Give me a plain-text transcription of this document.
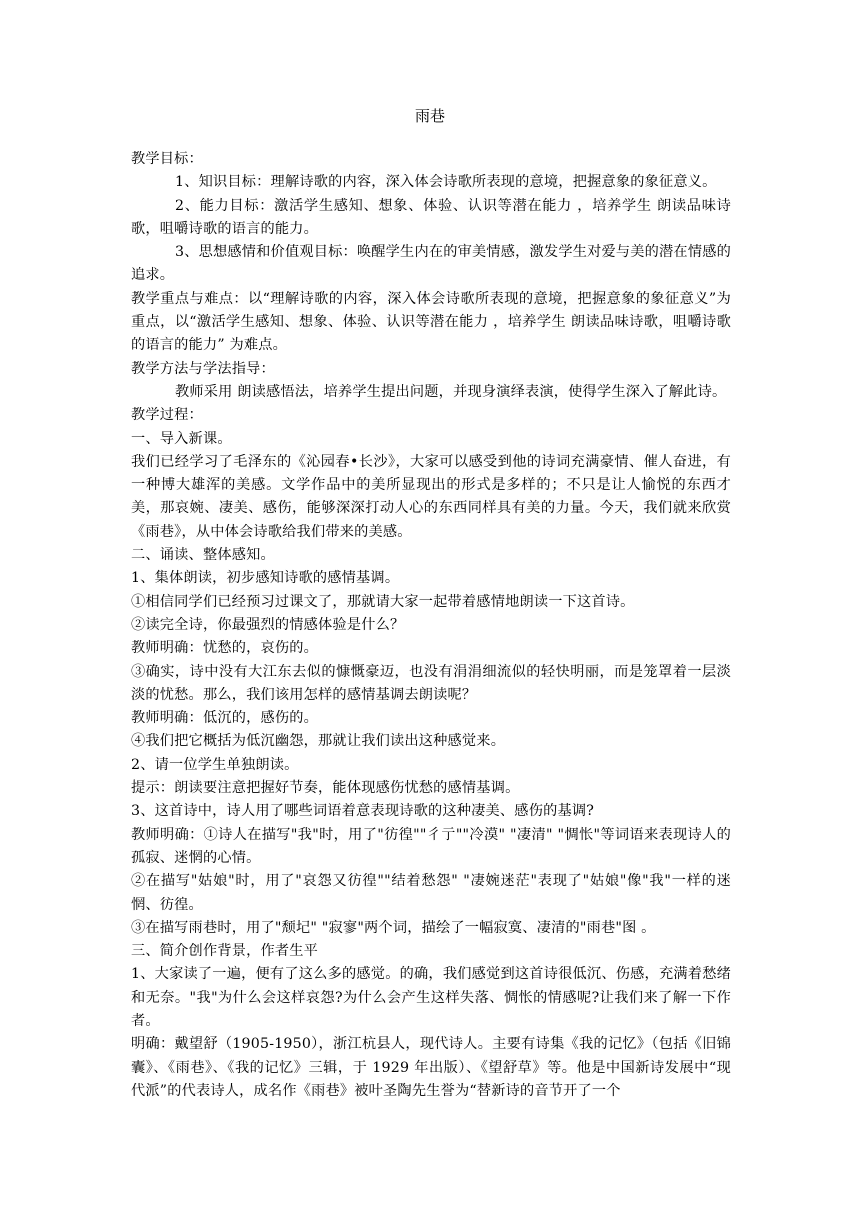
雨巷

教学目标：

1、知识目标：理解诗歌的内容，深入体会诗歌所表现的意境，把握意象的象征意义。

2、能力目标：激活学生感知、想象、体验、认识等潜在能力 ，培养学生 朗读品味诗歌，咀嚼诗歌的语言的能力。

3、思想感情和价值观目标：唤醒学生内在的审美情感，激发学生对爱与美的潜在情感的追求。

教学重点与难点：以“理解诗歌的内容，深入体会诗歌所表现的意境，把握意象的象征意义”为重点，以“激活学生感知、想象、体验、认识等潜在能力 ，培养学生 朗读品味诗歌，咀嚼诗歌的语言的能力” 为难点。

教学方法与学法指导：

教师采用 朗读感悟法，培养学生提出问题，并现身演绎表演，使得学生深入了解此诗。

教学过程：

一、导入新课。

我们已经学习了毛泽东的《沁园春•长沙》，大家可以感受到他的诗词充满豪情、催人奋进，有一种博大雄浑的美感。文学作品中的美所显现出的形式是多样的；不只是让人愉悦的东西才美，那哀婉、凄美、感伤，能够深深打动人心的东西同样具有美的力量。今天，我们就来欣赏《雨巷》，从中体会诗歌给我们带来的美感。

二、诵读、整体感知。

1、集体朗读，初步感知诗歌的感情基调。

①相信同学们已经预习过课文了，那就请大家一起带着感情地朗读一下这首诗。

②读完全诗，你最强烈的情感体验是什么？

教师明确：忧愁的，哀伤的。

③确实，诗中没有大江东去似的慷慨豪迈，也没有涓涓细流似的轻快明丽，而是笼罩着一层淡淡的忧愁。那么，我们该用怎样的感情基调去朗读呢？

教师明确：低沉的，感伤的。

④我们把它概括为低沉幽怨，那就让我们读出这种感觉来。

2、请一位学生单独朗读。

提示：朗读要注意把握好节奏，能体现感伤忧愁的感情基调。

3、这首诗中，诗人用了哪些词语着意表现诗歌的这种凄美、感伤的基调?

教师明确：①诗人在描写"我"时，用了"彷徨""彳亍""冷漠" "凄清" "惆怅"等词语来表现诗人的孤寂、迷惘的心情。

②在描写"姑娘"时，用了"哀怨又彷徨""结着愁怨" "凄婉迷茫"表现了"姑娘"像"我"一样的迷惘、彷徨。

③在描写雨巷时，用了"颓圮" "寂寥"两个词，描绘了一幅寂寞、凄清的"雨巷"图 。

三、简介创作背景，作者生平

1、大家读了一遍，便有了这么多的感觉。的确，我们感觉到这首诗很低沉、伤感，充满着愁绪和无奈。"我"为什么会这样哀怨?为什么会产生这样失落、惆怅的情感呢?让我们来了解一下作者。

明确：戴望舒（1905-1950），浙江杭县人，现代诗人。主要有诗集《我的记忆》（包括《旧锦囊》、《雨巷》、《我的记忆》三辑，于 1929 年出版）、《望舒草》等。他是中国新诗发展中“现代派”的代表诗人，成名作《雨巷》被叶圣陶先生誉为“替新诗的音节开了一个
